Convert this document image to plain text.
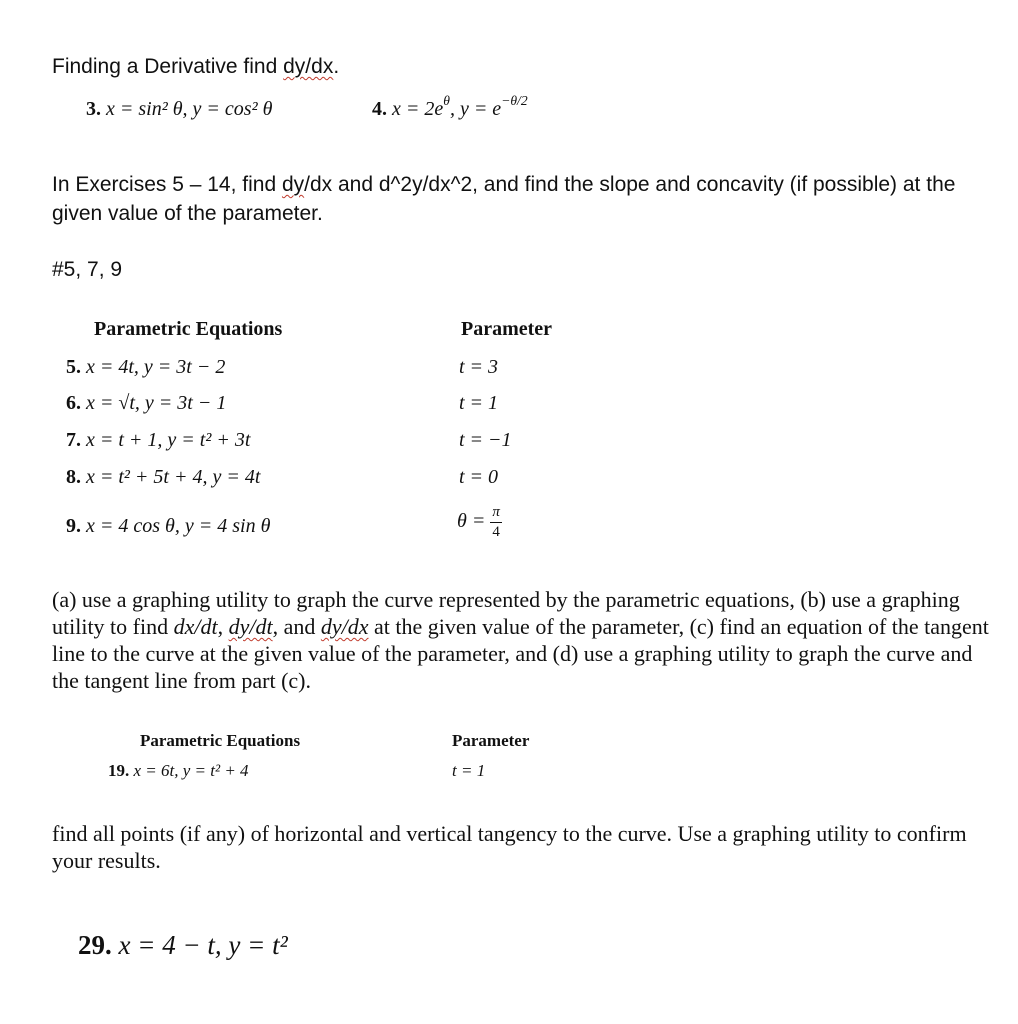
Finding a Derivative find dy/dx.
3. x = sin² θ, y = cos² θ	4. $x = 2e^\theta$, $y = e^{-\theta/2}$
In Exercises 5 – 14, find dy/dx and d^2y/dx^2, and find the slope and concavity (if possible) at the given value of the parameter.
#5, 7, 9
Parametric Equations	Parameter
5. x = 4t, y = 3t − 2	t = 3
6. x = √t, y = 3t − 1	t = 1
7. x = t + 1, y = t² + 3t	t = −1
8. x = t² + 5t + 4, y = 4t	t = 0
9. x = 4 cos θ, y = 4 sin θ	$\theta = \frac{\pi}{4}$
(a) use a graphing utility to graph the curve represented by the parametric equations, (b) use a graphing utility to find dx/dt, dy/dt, and dy/dx at the given value of the parameter, (c) find an equation of the tangent line to the curve at the given value of the parameter, and (d) use a graphing utility to graph the curve and the tangent line from part (c).
Parametric Equations	Parameter
19. x = 6t, y = t² + 4	t = 1
find all points (if any) of horizontal and vertical tangency to the curve. Use a graphing utility to confirm your results.
29. x = 4 − t, y = t²
